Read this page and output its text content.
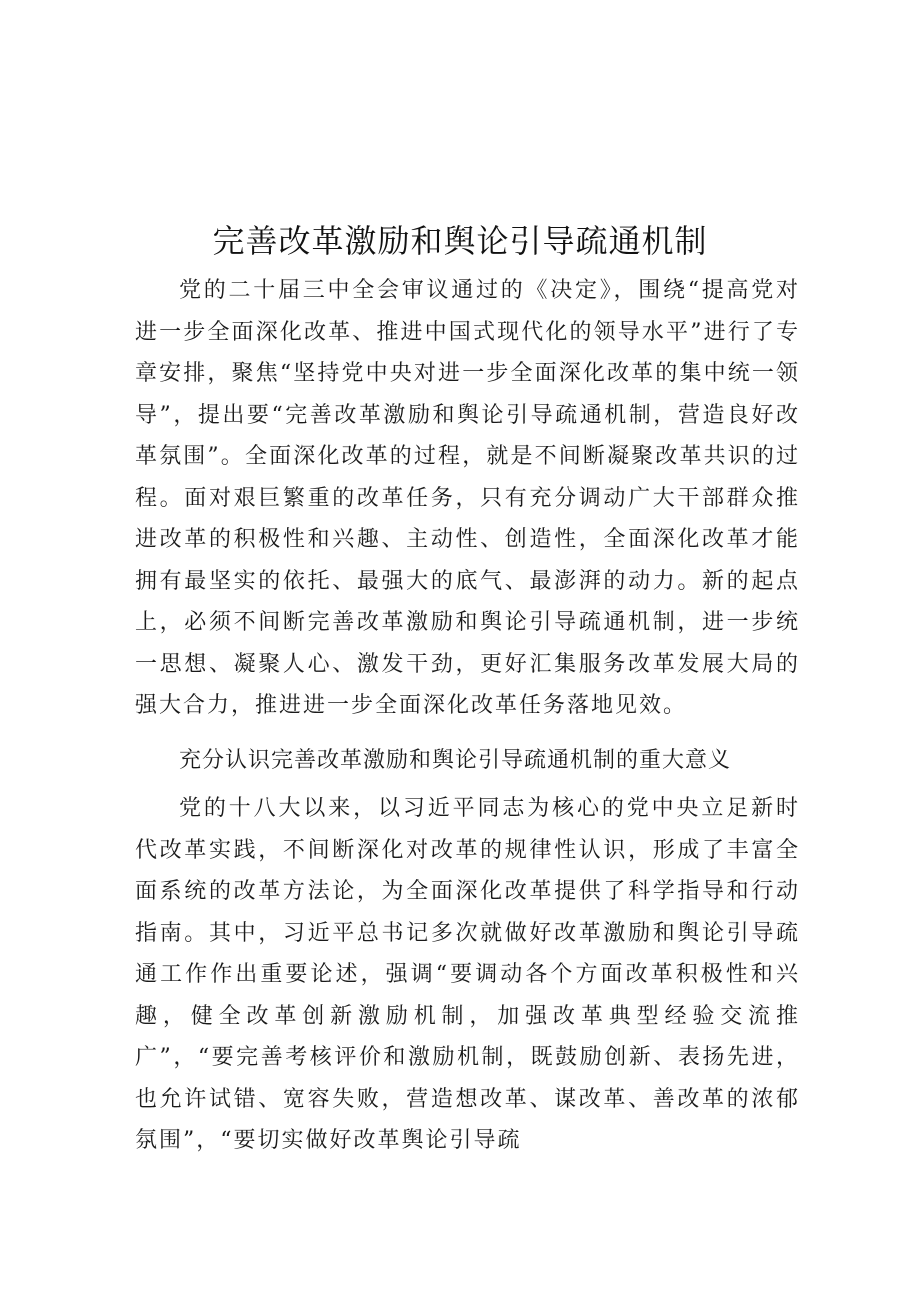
完善改革激励和舆论引导疏通机制

党的二十届三中全会审议通过的《决定》，围绕“提高党对进一步全面深化改革、推进中国式现代化的领导水平”进行了专章安排，聚焦“坚持党中央对进一步全面深化改革的集中统一领导”，提出要“完善改革激励和舆论引导疏通机制，营造良好改革氛围”。全面深化改革的过程，就是不间断凝聚改革共识的过程。面对艰巨繁重的改革任务，只有充分调动广大干部群众推进改革的积极性和兴趣、主动性、创造性，全面深化改革才能拥有最坚实的依托、最强大的底气、最澎湃的动力。新的起点上，必须不间断完善改革激励和舆论引导疏通机制，进一步统一思想、凝聚人心、激发干劲，更好汇集服务改革发展大局的强大合力，推进进一步全面深化改革任务落地见效。

充分认识完善改革激励和舆论引导疏通机制的重大意义

党的十八大以来，以习近平同志为核心的党中央立足新时代改革实践，不间断深化对改革的规律性认识，形成了丰富全面系统的改革方法论，为全面深化改革提供了科学指导和行动指南。其中，习近平总书记多次就做好改革激励和舆论引导疏通工作作出重要论述，强调“要调动各个方面改革积极性和兴趣，健全改革创新激励机制，加强改革典型经验交流推广”，“要完善考核评价和激励机制，既鼓励创新、表扬先进，也允许试错、宽容失败，营造想改革、谋改革、善改革的浓郁氛围”，“要切实做好改革舆论引导疏
